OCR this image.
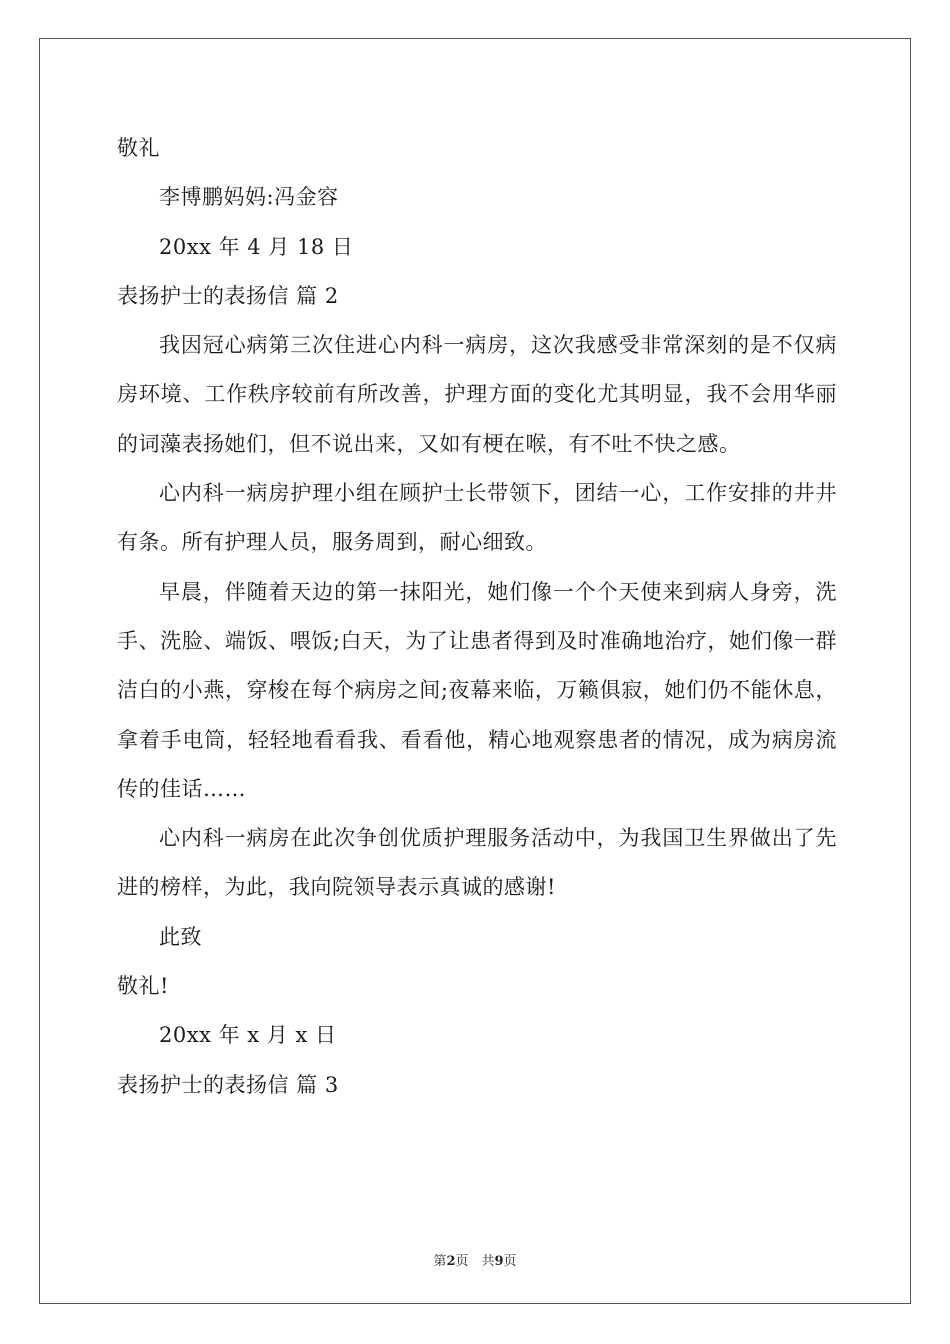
敬礼

李博鹏妈妈:冯金容

20xx 年 4 月 18 日

表扬护士的表扬信 篇 2

我因冠心病第三次住进心内科一病房，这次我感受非常深刻的是不仅病房环境、工作秩序较前有所改善，护理方面的变化尤其明显，我不会用华丽的词藻表扬她们，但不说出来，又如有梗在喉，有不吐不快之感。

心内科一病房护理小组在顾护士长带领下，团结一心，工作安排的井井有条。所有护理人员，服务周到，耐心细致。

早晨，伴随着天边的第一抹阳光，她们像一个个天使来到病人身旁，洗手、洗脸、端饭、喂饭;白天，为了让患者得到及时准确地治疗，她们像一群洁白的小燕，穿梭在每个病房之间;夜幕来临，万籁俱寂，她们仍不能休息，拿着手电筒，轻轻地看看我、看看他，精心地观察患者的情况，成为病房流传的佳话……

心内科一病房在此次争创优质护理服务活动中，为我国卫生界做出了先进的榜样，为此，我向院领导表示真诚的感谢!

此致

敬礼!

20xx 年 x 月 x 日

表扬护士的表扬信 篇 3

第2页　共9页
